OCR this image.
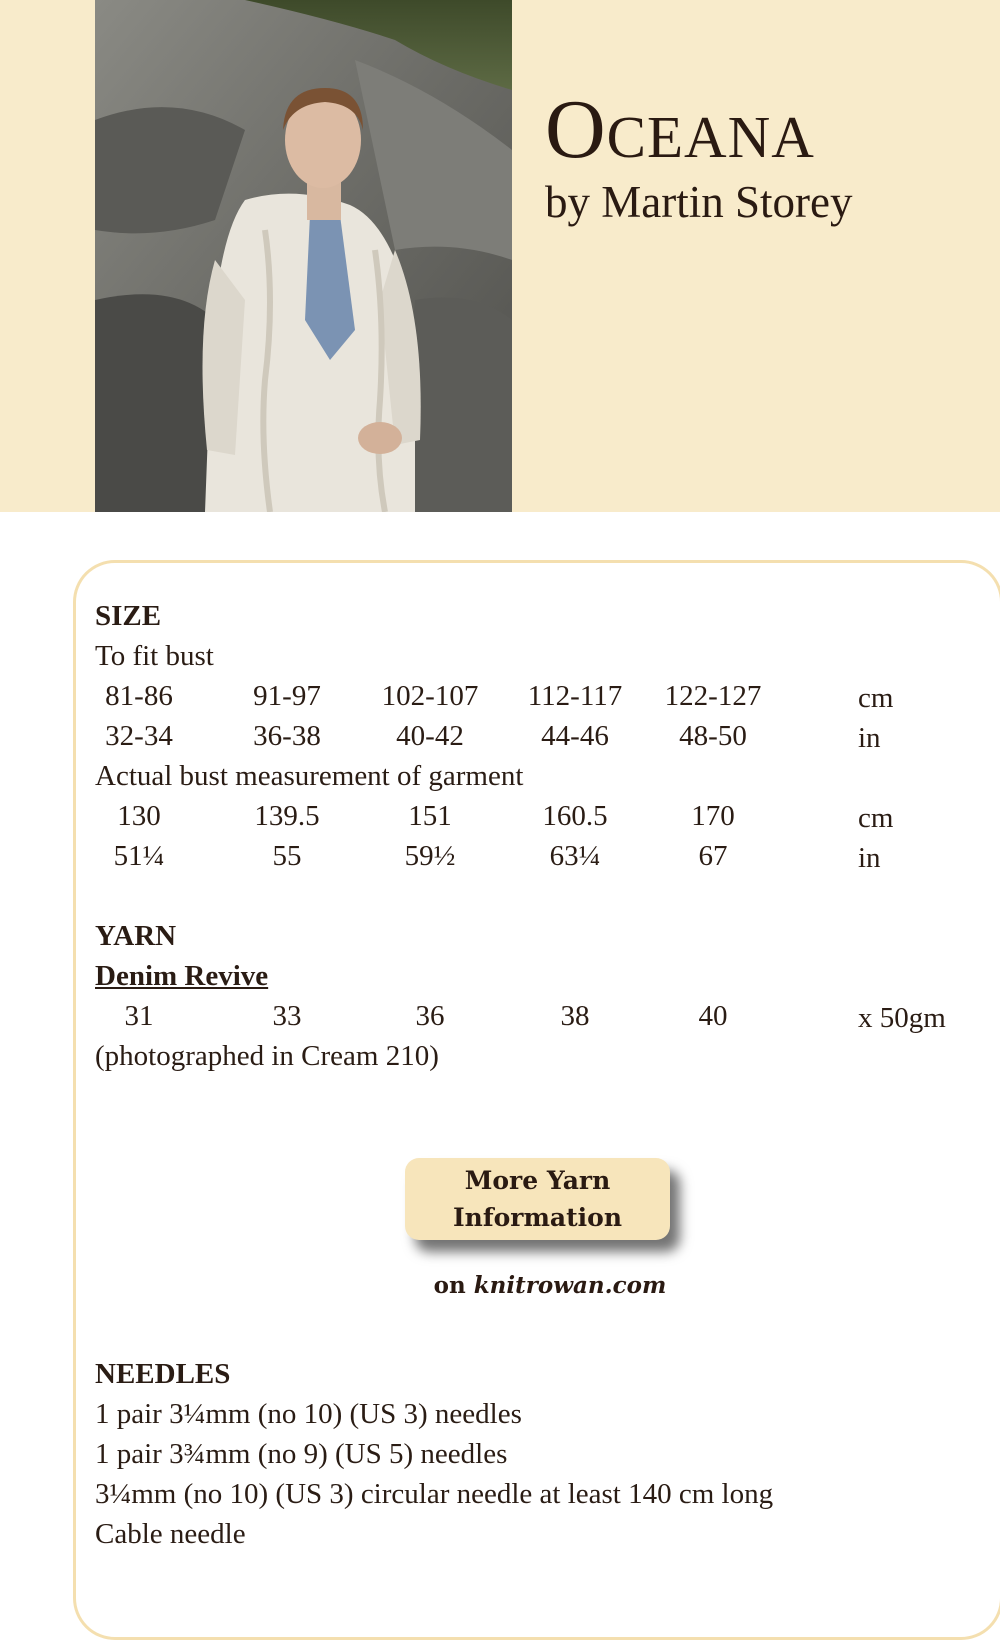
Oceana
by Martin Storey
SIZE
To fit bust
81-86	91-97	102-107	112-117	122-127	cm
32-34	36-38	40-42	44-46	48-50	in
Actual bust measurement of garment
130	139.5	151	160.5	170	cm
51¼	55	59½	63¼	67	in
YARN
Denim Revive
31	33	36	38	40	x 50gm
(photographed in Cream 210)
More Yarn Information
on knitrowan.com
NEEDLES
1 pair 3¼mm (no 10) (US 3) needles
1 pair 3¾mm (no 9) (US 5) needles
3¼mm (no 10) (US 3) circular needle at least 140 cm long
Cable needle
